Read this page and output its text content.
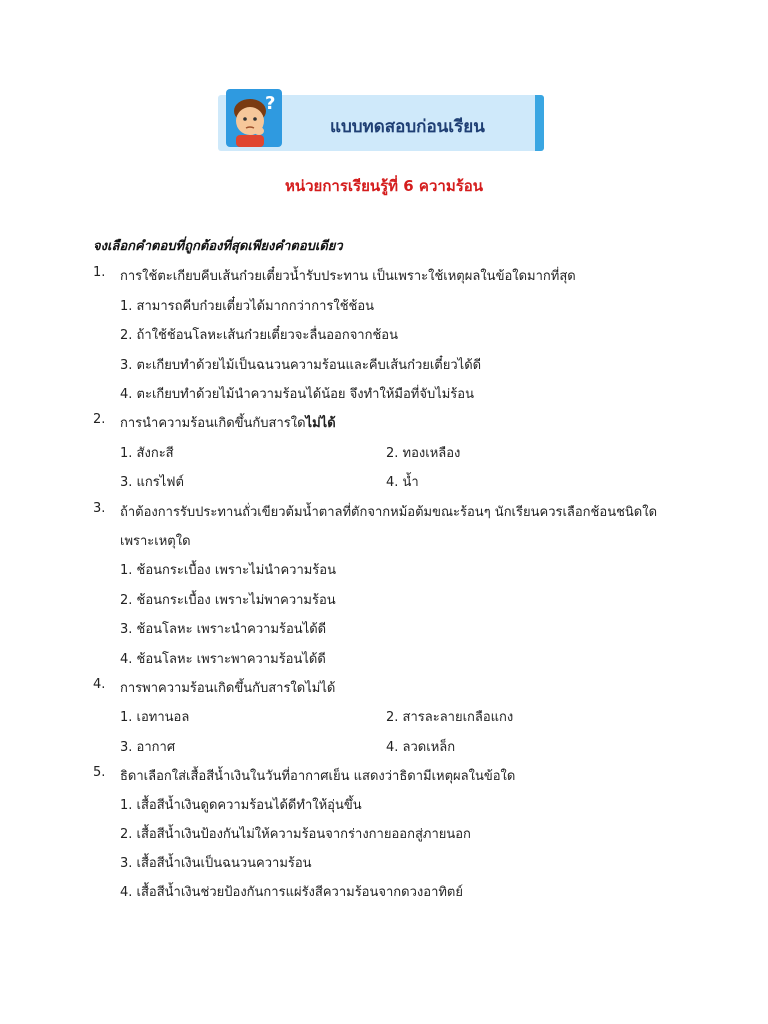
?
แบบทดสอบก่อนเรียน
หน่วยการเรียนรู้ที่ 6 ความร้อน
จงเลือกคำตอบที่ถูกต้องที่สุดเพียงคำตอบเดียว
1. การใช้ตะเกียบคีบเส้นก๋วยเตี๋ยวน้ำรับประทาน เป็นเพราะใช้เหตุผลในข้อใดมากที่สุด
1. สามารถคีบก๋วยเตี๋ยวได้มากกว่าการใช้ช้อน
2. ถ้าใช้ช้อนโลหะเส้นก๋วยเตี๋ยวจะลื่นออกจากช้อน
3. ตะเกียบทำด้วยไม้เป็นฉนวนความร้อนและคีบเส้นก๋วยเตี๋ยวได้ดี
4. ตะเกียบทำด้วยไม้นำความร้อนได้น้อย จึงทำให้มือที่จับไม่ร้อน
2. การนำความร้อนเกิดขึ้นกับสารใดไม่ได้
1. สังกะสี	2. ทองเหลือง
3. แกรไฟต์	4. น้ำ
3. ถ้าต้องการรับประทานถั่วเขียวต้มน้ำตาลที่ตักจากหม้อต้มขณะร้อนๆ นักเรียนควรเลือกช้อนชนิดใด
เพราะเหตุใด
1. ช้อนกระเบื้อง เพราะไม่นำความร้อน
2. ช้อนกระเบื้อง เพราะไม่พาความร้อน
3. ช้อนโลหะ เพราะนำความร้อนได้ดี
4. ช้อนโลหะ เพราะพาความร้อนได้ดี
4. การพาความร้อนเกิดขึ้นกับสารใดไม่ได้
1. เอทานอล	2. สารละลายเกลือแกง
3. อากาศ	4. ลวดเหล็ก
5. ธิดาเลือกใส่เสื้อสีน้ำเงินในวันที่อากาศเย็น แสดงว่าธิดามีเหตุผลในข้อใด
1. เสื้อสีน้ำเงินดูดความร้อนได้ดีทำให้อุ่นขึ้น
2. เสื้อสีน้ำเงินป้องกันไม่ให้ความร้อนจากร่างกายออกสู่ภายนอก
3. เสื้อสีน้ำเงินเป็นฉนวนความร้อน
4. เสื้อสีน้ำเงินช่วยป้องกันการแผ่รังสีความร้อนจากดวงอาทิตย์
